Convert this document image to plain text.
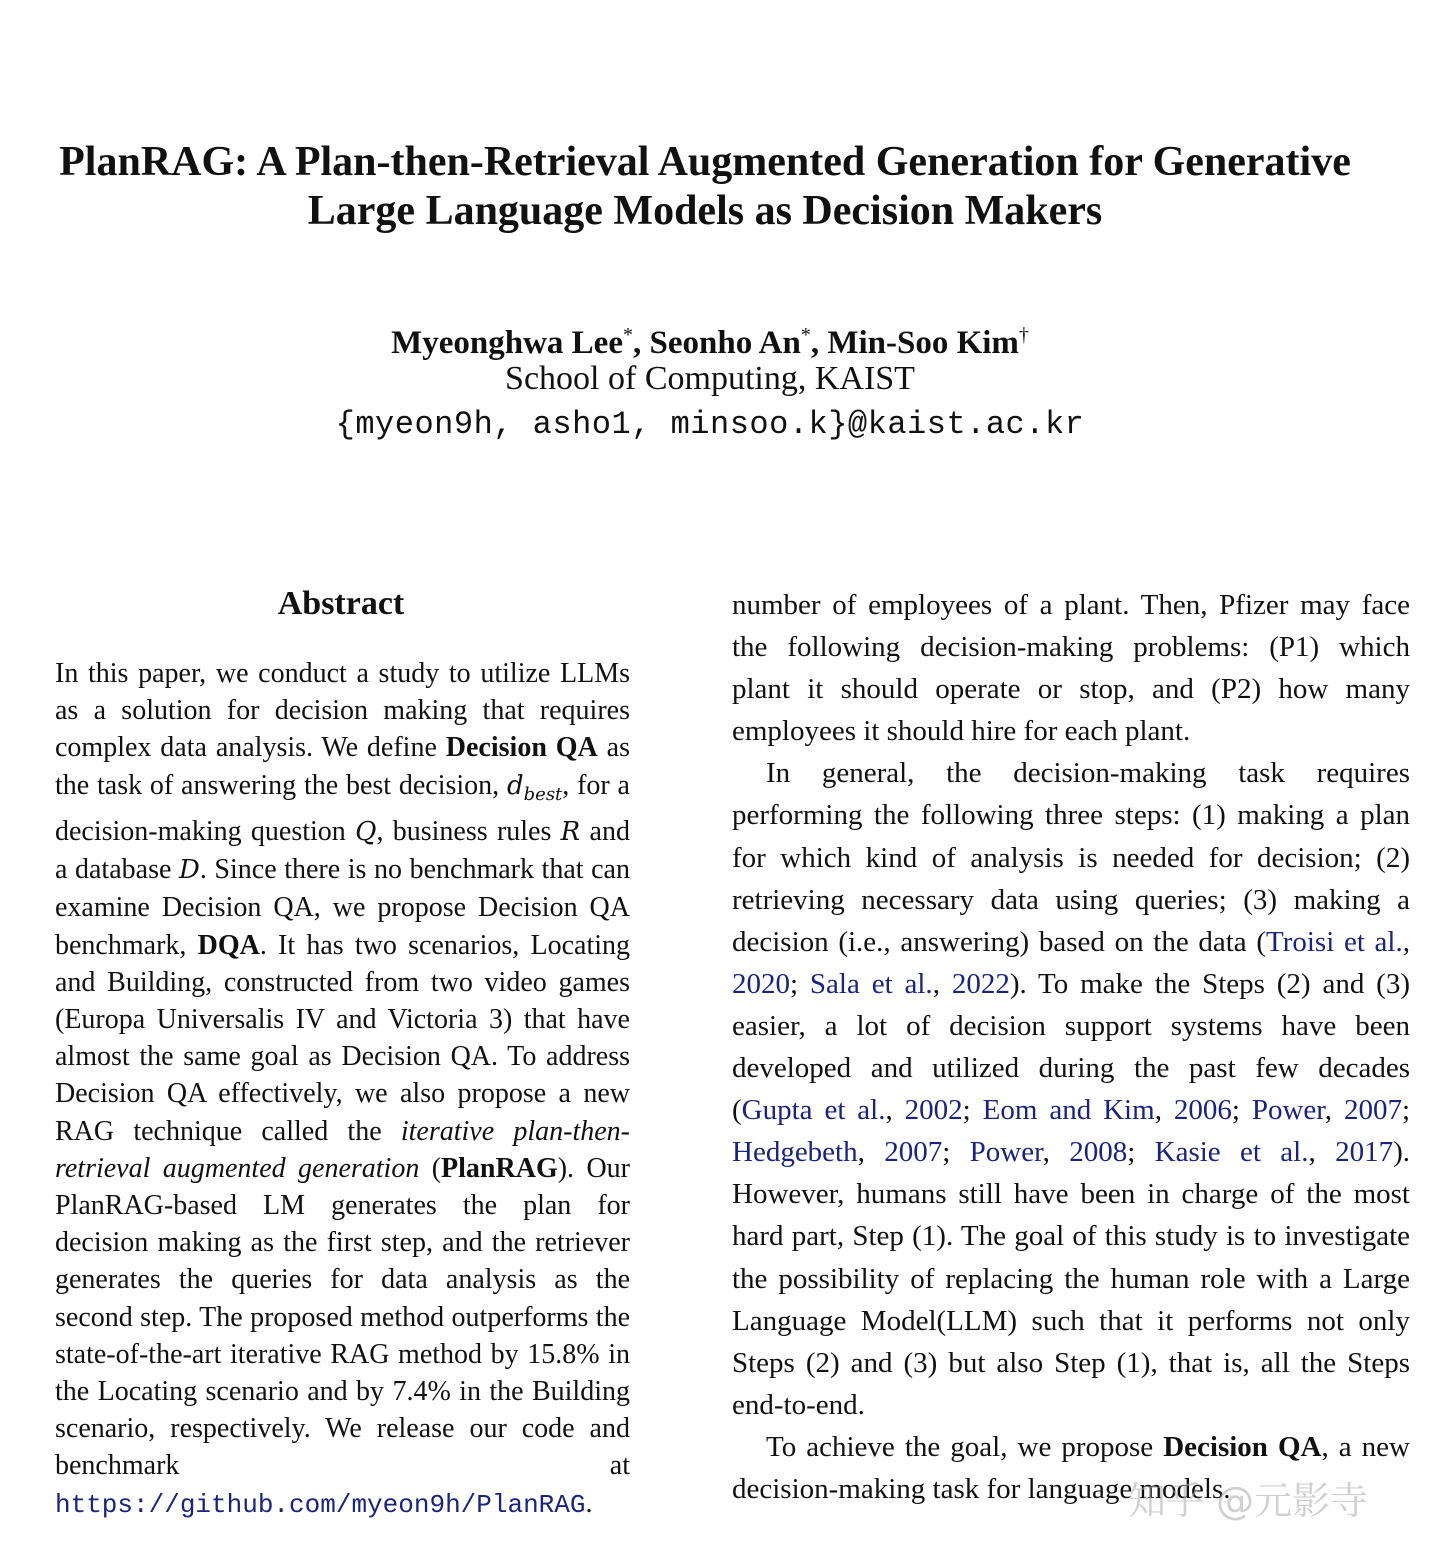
PlanRAG: A Plan-then-Retrieval Augmented Generation for Generative
Large Language Models as Decision Makers
Myeonghwa Lee*, Seonho An*, Min-Soo Kim†
School of Computing, KAIST
{myeon9h, asho1, minsoo.k}@kaist.ac.kr
Abstract

In this paper, we conduct a study to utilize LLMs as a solution for decision making that requires complex data analysis. We define Decision QA as the task of answering the best decision, $d_{best}$, for a decision-making question Q, business rules R and a database D. Since there is no benchmark that can examine Decision QA, we propose Decision QA benchmark, DQA. It has two scenarios, Locating and Building, constructed from two video games (Europa Universalis IV and Victoria 3) that have almost the same goal as Decision QA. To address Decision QA effectively, we also propose a new RAG technique called the iterative plan-then-retrieval augmented generation (PlanRAG). Our PlanRAG-based LM generates the plan for decision making as the first step, and the retriever generates the queries for data analysis as the second step. The proposed method outperforms the state-of-the-art iterative RAG method by 15.8% in the Locating scenario and by 7.4% in the Building scenario, respectively. We release our code and benchmark at https://github.com/myeon9h/PlanRAG.

number of employees of a plant. Then, Pfizer may face the following decision-making problems: (P1) which plant it should operate or stop, and (P2) how many employees it should hire for each plant.

In general, the decision-making task requires performing the following three steps: (1) making a plan for which kind of analysis is needed for decision; (2) retrieving necessary data using queries; (3) making a decision (i.e., answering) based on the data (Troisi et al., 2020; Sala et al., 2022). To make the Steps (2) and (3) easier, a lot of decision support systems have been developed and utilized during the past few decades (Gupta et al., 2002; Eom and Kim, 2006; Power, 2007; Hedgebeth, 2007; Power, 2008; Kasie et al., 2017). However, humans still have been in charge of the most hard part, Step (1). The goal of this study is to investigate the possibility of replacing the human role with a Large Language Model(LLM) such that it performs not only Steps (2) and (3) but also Step (1), that is, all the Steps end-to-end.

To achieve the goal, we propose Decision QA, a new decision-making task for language models.

知乎 @元影寺
